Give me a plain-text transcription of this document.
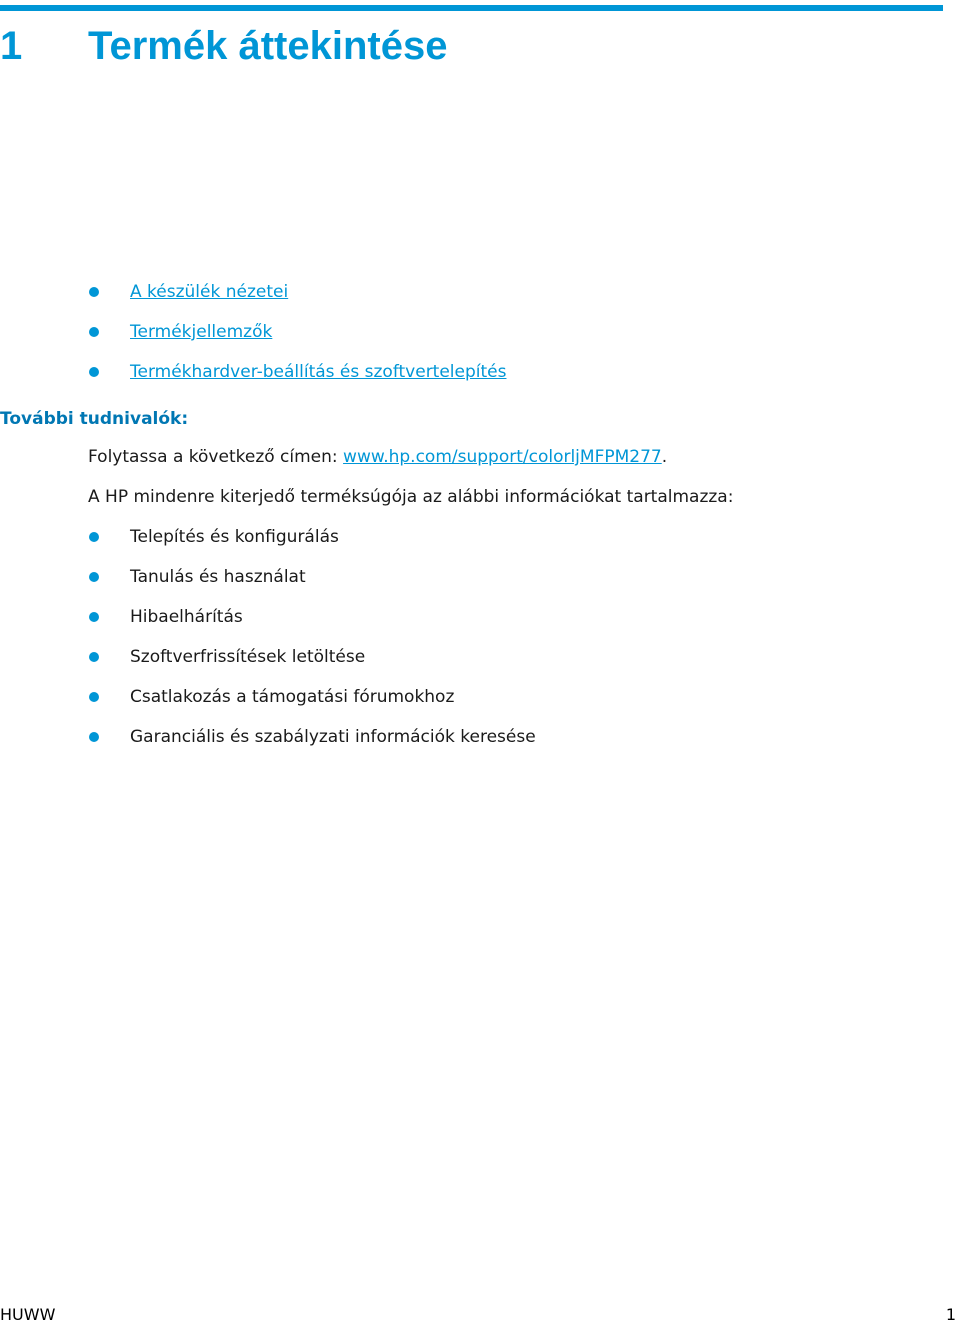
1	Termék áttekintése
A készülék nézetei
Termékjellemzők
Termékhardver-beállítás és szoftvertelepítés
További tudnivalók:
Folytassa a következő címen: www.hp.com/support/colorljMFPM277.
A HP mindenre kiterjedő terméksúgója az alábbi információkat tartalmazza:
Telepítés és konfigurálás
Tanulás és használat
Hibaelhárítás
Szoftverfrissítések letöltése
Csatlakozás a támogatási fórumokhoz
Garanciális és szabályzati információk keresése
HUWW	1
